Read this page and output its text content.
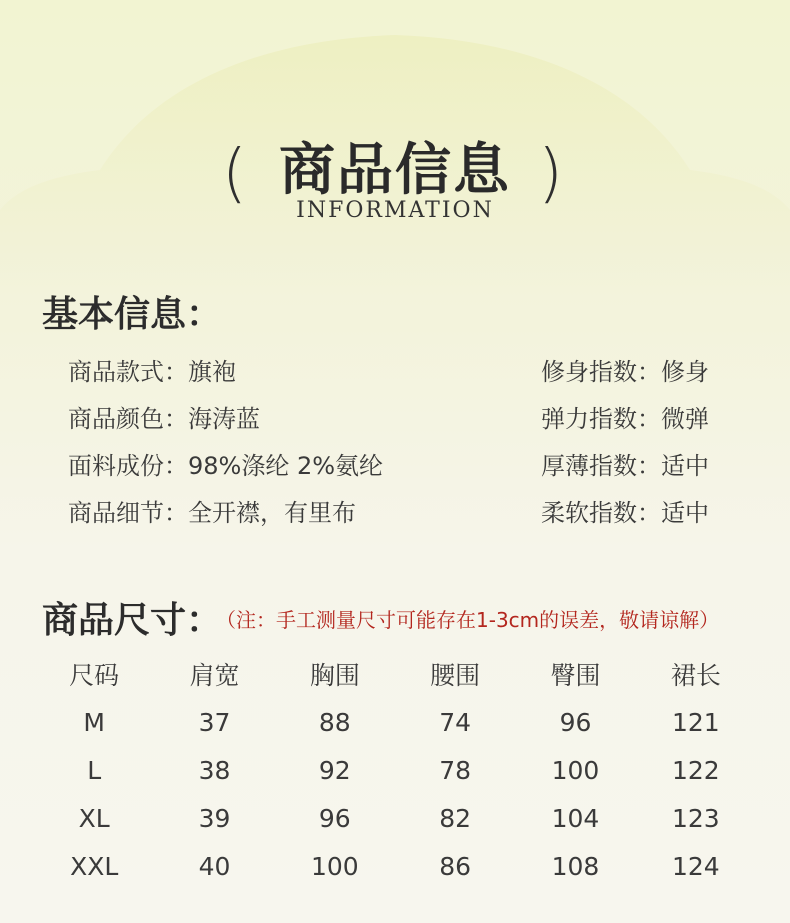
( 商品信息
INFORMATION )
基本信息：
商品款式：旗袍
商品颜色：海涛蓝
面料成份：98%涤纶 2%氨纶
商品细节：全开襟，有里布
修身指数：修身
弹力指数：微弹
厚薄指数：适中
柔软指数：适中
商品尺寸： （注：手工测量尺寸可能存在1-3cm的误差，敬请谅解）
尺码	肩宽	胸围	腰围	臀围	裙长
M	37	88	74	96	121
L	38	92	78	100	122
XL	39	96	82	104	123
XXL	40	100	86	108	124
